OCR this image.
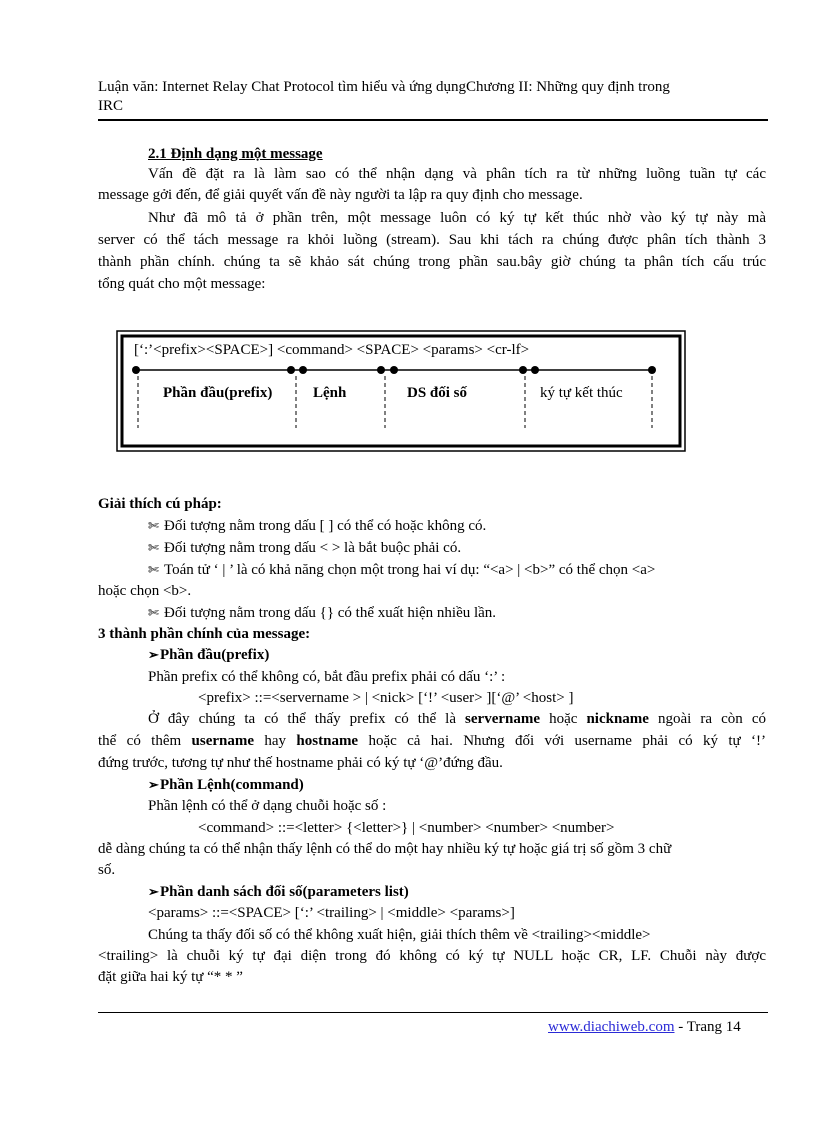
Luận văn: Internet Relay Chat Protocol tìm hiểu và ứng dụngChương II: Những quy định trong
IRC
2.1 Định dạng một message
Vấn đề đặt ra là làm sao có thể nhận dạng và phân tích ra từ những luồng tuần tự các
message gởi đến, để giải quyết vấn đề này người ta lập ra quy định cho message.
Như đã mô tả ở phần trên, một message luôn có ký tự kết thúc nhờ vào ký tự này mà
server có thể tách message ra khỏi luồng (stream). Sau khi tách ra chúng được phân tích thành 3
thành phần chính. chúng ta sẽ khảo sát chúng trong phần sau.bây giờ chúng ta phân tích cấu trúc
tổng quát cho một message:
[‘:’<prefix><SPACE>] <command> <SPACE> <params> <cr-lf>
Phần đầu(prefix)	Lệnh	DS đối số	ký tự kết thúc
Giải thích cú pháp:
✄ Đối tượng nằm trong dấu [ ] có thể có hoặc không có.
✄ Đối tượng nằm trong dấu < > là bắt buộc phải có.
✄ Toán tử ‘ | ’ là có khả năng chọn một trong hai ví dụ: “<a> | <b>” có thể chọn <a>
hoặc chọn <b>.
✄ Đối tượng nằm trong dấu {} có thể xuất hiện nhiều lần.
3 thành phần chính của message:
➢Phần đầu(prefix)
Phần prefix có thể không có, bắt đầu prefix phải có dấu ‘:’ :
<prefix> ::=<servername > | <nick> [‘!’ <user> ][‘@’ <host> ]
Ở đây chúng ta có thể thấy prefix có thể là servername hoặc nickname ngoài ra còn có
thể có thêm username hay hostname hoặc cả hai. Nhưng đối với username phải có ký tự ‘!’
đứng trước, tương tự như thế hostname phải có ký tự ‘@’đứng đầu.
➢Phần Lệnh(command)
Phần lệnh có thể ở dạng chuỗi hoặc số :
<command> ::=<letter> {<letter>} | <number> <number> <number>
dễ dàng chúng ta có thể nhận thấy lệnh có thể do một hay nhiều ký tự hoặc giá trị số gồm 3 chữ
số.
➢Phần danh sách đối số(parameters list)
<params> ::=<SPACE> [‘:’ <trailing> | <middle> <params>]
Chúng ta thấy đối số có thể không xuất hiện, giải thích thêm về <trailing><middle>
<trailing> là chuỗi ký tự đại diện trong đó không có ký tự NULL hoặc CR, LF. Chuỗi này được
đặt giữa hai ký tự “* * ”
www.diachiweb.com - Trang 14
